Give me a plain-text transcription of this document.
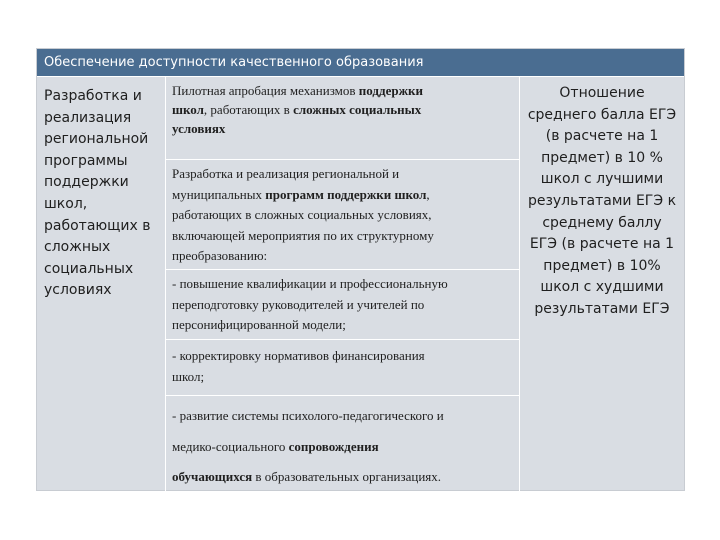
Обеспечение доступности качественного образования
Разработка и
реализация
региональной
программы
поддержки
школ,
работающих в
сложных
социальных
условиях
Пилотная апробация механизмов поддержки
школ, работающих в сложных социальных
условиях
Разработка и реализация региональной и
муниципальных программ поддержки школ,
работающих в сложных социальных условиях,
включающей мероприятия по их структурному
преобразованию:
- повышение квалификации и профессиональную
переподготовку руководителей и учителей по
персонифицированной модели;
- корректировку нормативов финансирования
школ;
- развитие системы психолого-педагогического и
медико-социального сопровождения
обучающихся в образовательных организациях.
Отношение
среднего балла ЕГЭ
(в расчете на 1
предмет) в 10 %
школ с лучшими
результатами ЕГЭ к
среднему баллу
ЕГЭ (в расчете на 1
предмет) в 10%
школ с худшими
результатами ЕГЭ
